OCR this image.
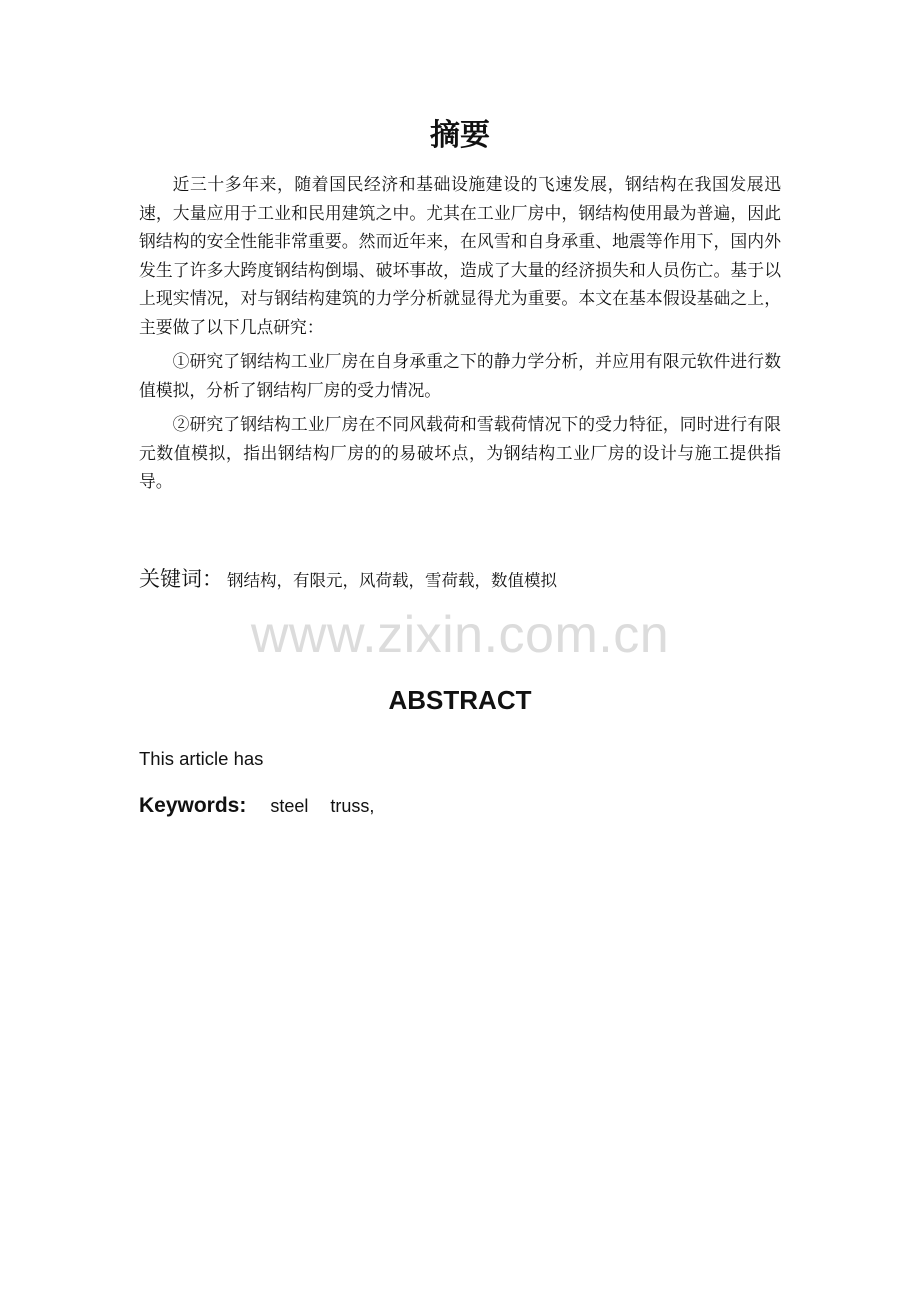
摘要

近三十多年来，随着国民经济和基础设施建设的飞速发展，钢结构在我国发展迅速，大量应用于工业和民用建筑之中。尤其在工业厂房中，钢结构使用最为普遍，因此钢结构的安全性能非常重要。然而近年来，在风雪和自身承重、地震等作用下，国内外发生了许多大跨度钢结构倒塌、破坏事故，造成了大量的经济损失和人员伤亡。基于以上现实情况，对与钢结构建筑的力学分析就显得尤为重要。本文在基本假设基础之上，主要做了以下几点研究：

①研究了钢结构工业厂房在自身承重之下的静力学分析，并应用有限元软件进行数值模拟，分析了钢结构厂房的受力情况。

②研究了钢结构工业厂房在不同风载荷和雪载荷情况下的受力特征，同时进行有限元数值模拟，指出钢结构厂房的的易破坏点，为钢结构工业厂房的设计与施工提供指导。

关键词： 钢结构，有限元，风荷载，雪荷载，数值模拟
www.zixin.com.cn
ABSTRACT

This article has

Keywords: steel truss,
